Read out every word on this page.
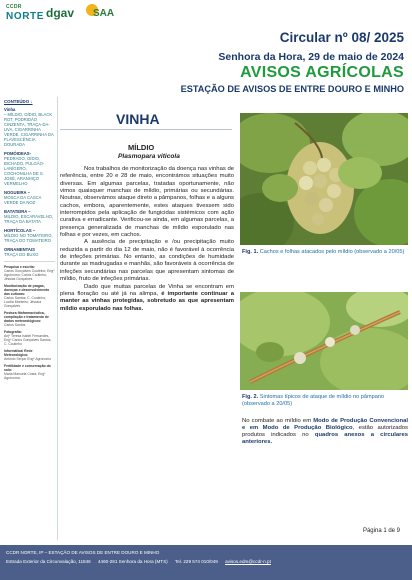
CCDR
NORTE dgav SAA
Circular nº 08/ 2025
Senhora da Hora, 29 de maio de 2024
AVISOS AGRÍCOLAS
ESTAÇÃO DE AVISOS DE ENTRE DOURO E MINHO
CONTEÚDO ↓
Vinha
– MÍLDIO, OÍDIO, BLACK ROT, PODRIDÃO CINZENTA, TRAÇA-DA-UVA, CIGARRINHA VERDE, CIGARRINHA DA FLAVESCÊNCIA DOURADA
POMÓIDEAS-
PEDRADO, OÍDIO, BICHADO, PULGÃO-LANÍGERO, COCHONILHA DE S. JOSÉ, ARANHIÇO VERMELHO
NOGUEIRA –
MOSCA DA CASCA VERDE DA NOZ
BATATEIRA –
MÍLDIO, ESCARAVELHO, TRAÇA DA BATATA
HORTÍCOLAS –
MÍLDIO NO TOMATEIRO, TRAÇA DO TOMATEIRO
ORNAMENTAIS
TRAÇA DO BUXO
Pesquisa e escrita:
Carlos Gonçalves Coutinho; Engº Agrónomo; Carlos Coutinho; Jéssica Gonçalves
Monitorização de pragas, doenças e desenvolvimento das culturas:
Carlos Santos; C. Coutinho; Lucília Monteiro; Jéssica Gonçalves
Postura fitofarmacêutica, compilação e tratamento de dados meteorológicos:
Carlos Santos
Fotografia:
Anjº Teresa Isabel Fernandes, Engº Carlos Gonçalves Santos, C. Coutinho
Informática/ Rede Meteorológica:
António Serpa; Engº Agrónomo
Fertilidade e conservação do solo:
Maria Manuela Costa; Engº Agrónoma
VINHA
MÍLDIO
Plasmopara viticola

Nos trabalhos de monitorização da doença nas vinhas de referência, entre 20 e 28 de maio, encontrámos situações muito diversas. Em algumas parcelas, tratadas oportunamente, não vimos quaisquer manchas de míldio, primárias ou secundárias. Noutras, observámos ataque direto a pâmpanos, folhas e a alguns cachos, embora, aparentemente, estes ataques tivessem sido interrompidos pela aplicação de fungicidas sistémicos com ação curativa e erradicante. Verificou-se ainda, em algumas parcelas, a presença generalizada de manchas de míldio esporulado nas folhas e por vezes, em cachos.

A ausência de precipitação e /ou precipitação muito reduzida a partir do dia 12 de maio, não é favorável à ocorrência de infeções primárias. No entanto, as condições de humidade durante as madrugadas e manhãs, são favoráveis à ocorrência de infeções secundárias nas parcelas que apresentam sintomas de míldio, fruto de infeções primárias.

Dado que muitas parcelas de Vinha se encontram em plena floração ou até já na alimpa, é importante continuar a manter as vinhas protegidas, sobretudo as que apresentam míldio esporulado nas folhas.

Fig. 1. Cachos e folhas atacados pelo míldio (observado a 20/05)
Fig. 2. Sintomas típicos de ataque de míldio no pâmpano (observado a 20/05)
No combate ao míldio em Modo de Produção Convencional e em Modo de Produção Biológico, estão autorizados produtos indicados no quadros anexos a circulares anteriores.
Página 1 de 9
CCDR NORTE, IP – ESTAÇÃO DE AVISOS DE ENTRE DOURO E MINHO
Estrada Exterior da Circunvalação, 11846 4460-281 Senhora da Hora (MTS) Tel. 229 574 010/049 avisos.edm@ccdr-n.pt
